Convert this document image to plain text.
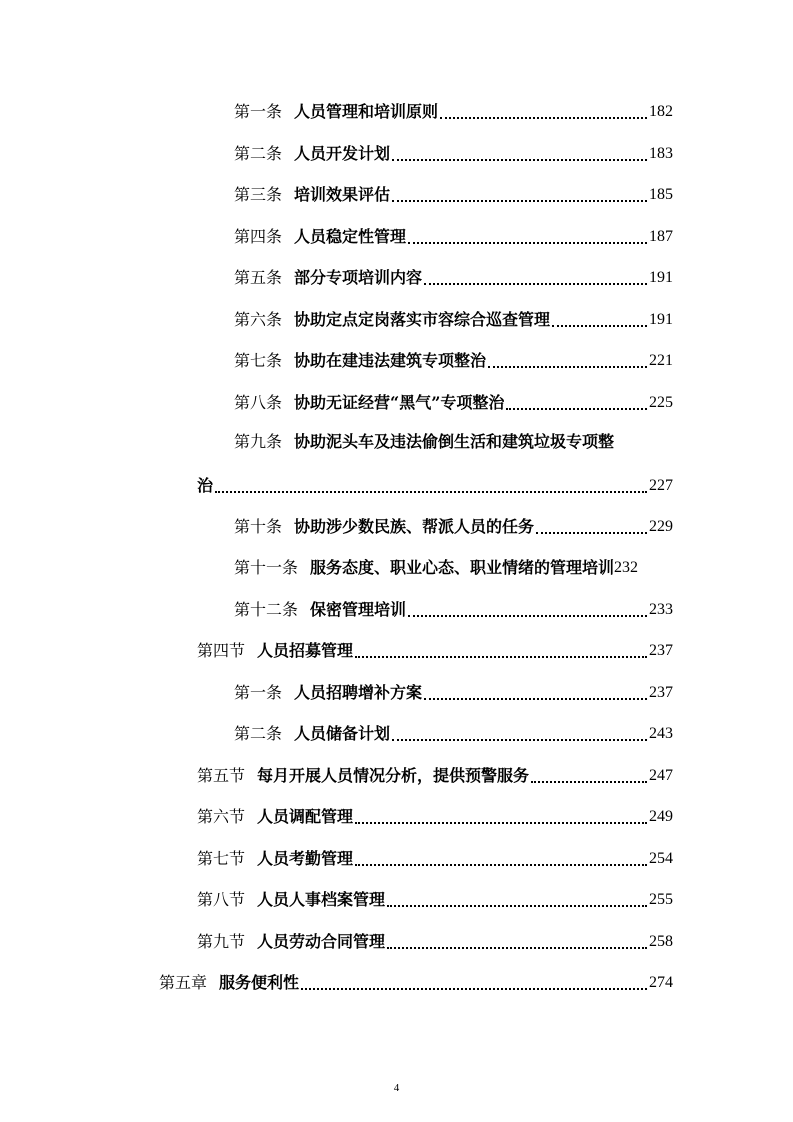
第一条 人员管理和培训原则	182
第二条 人员开发计划	183
第三条 培训效果评估	185
第四条 人员稳定性管理	187
第五条 部分专项培训内容	191
第六条 协助定点定岗落实市容综合巡查管理	191
第七条 协助在建违法建筑专项整治	221
第八条 协助无证经营“黑气”专项整治	225
第九条 协助泥头车及违法偷倒生活和建筑垃圾专项整
治	227
第十条 协助涉少数民族、帮派人员的任务	229
第十一条 服务态度、职业心态、职业情绪的管理培训 232
第十二条 保密管理培训	233
第四节 人员招募管理	237
第一条 人员招聘增补方案	237
第二条 人员储备计划	243
第五节 每月开展人员情况分析，提供预警服务	247
第六节 人员调配管理	249
第七节 人员考勤管理	254
第八节 人员人事档案管理	255
第九节 人员劳动合同管理	258
第五章 服务便利性	274
4
